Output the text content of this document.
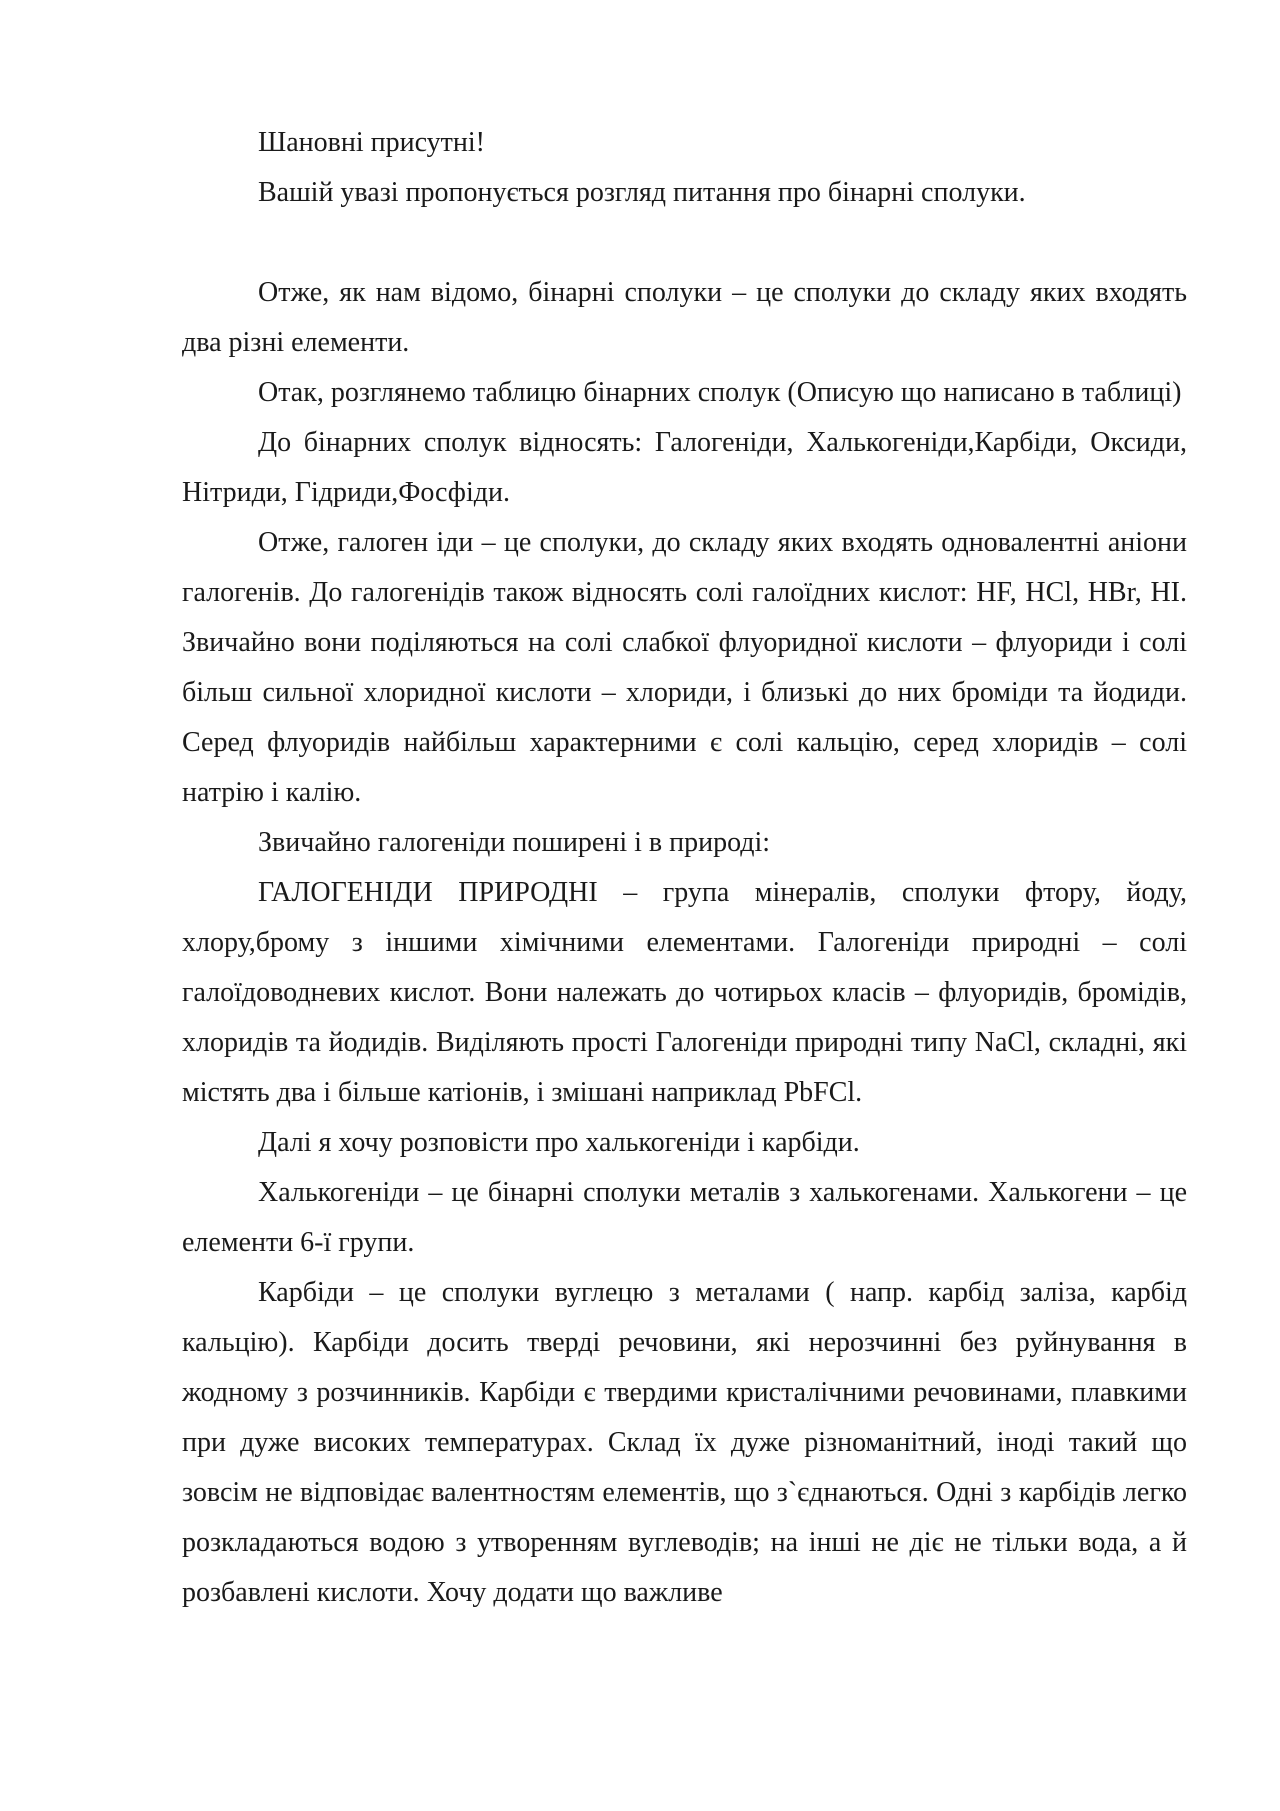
Шановні присутні!

Вашій увазі пропонується розгляд питання про бінарні сполуки.

Отже, як нам відомо, бінарні сполуки – це сполуки до складу яких входять два різні елементи.

Отак, розглянемо таблицю бінарних сполук (Описую що написано в таблиці)

До бінарних сполук відносять: Галогеніди, Халькогеніди,Карбіди, Оксиди, Нітриди, Гідриди,Фосфіди.

Отже, галоген іди – це сполуки, до складу яких входять одновалентні аніони галогенів. До галогенідів також відносять солі галоїдних кислот: HF, HCl, HBr, HI. Звичайно вони поділяються на солі слабкої флуоридної кислоти – флуориди і солі більш сильної хлоридної кислоти – хлориди, і близькі до них броміди та йодиди. Серед флуоридів найбільш характерними є солі кальцію, серед хлоридів – солі натрію і калію.

Звичайно галогеніди поширені і в природі:

ГАЛОГЕНІДИ ПРИРОДНІ – група мінералів, сполуки фтору, йоду, хлору,брому з іншими хімічними елементами. Галогеніди природні – солі галоїдоводневих кислот. Вони належать до чотирьох класів – флуоридів, бромідів, хлоридів та йодидів. Виділяють прості Галогеніди природні типу NaCl, складні, які містять два і більше катіонів, і змішані наприклад PbFCl.

Далі я хочу розповісти про халькогеніди і карбіди.

Халькогеніди – це бінарні сполуки металів з халькогенами. Халькогени – це елементи 6-ї групи.

Карбіди – це сполуки вуглецю з металами ( напр. карбід заліза, карбід кальцію). Карбіди досить тверді речовини, які нерозчинні без руйнування в жодному з розчинників. Карбіди є твердими кристалічними речовинами, плавкими при дуже високих температурах. Склад їх дуже різноманітний, іноді такий що зовсім не відповідає валентностям елементів, що з`єднаються. Одні з карбідів легко розкладаються водою з утворенням вуглеводів; на інші не діє не тільки вода, а й розбавлені кислоти. Хочу додати що важливе
